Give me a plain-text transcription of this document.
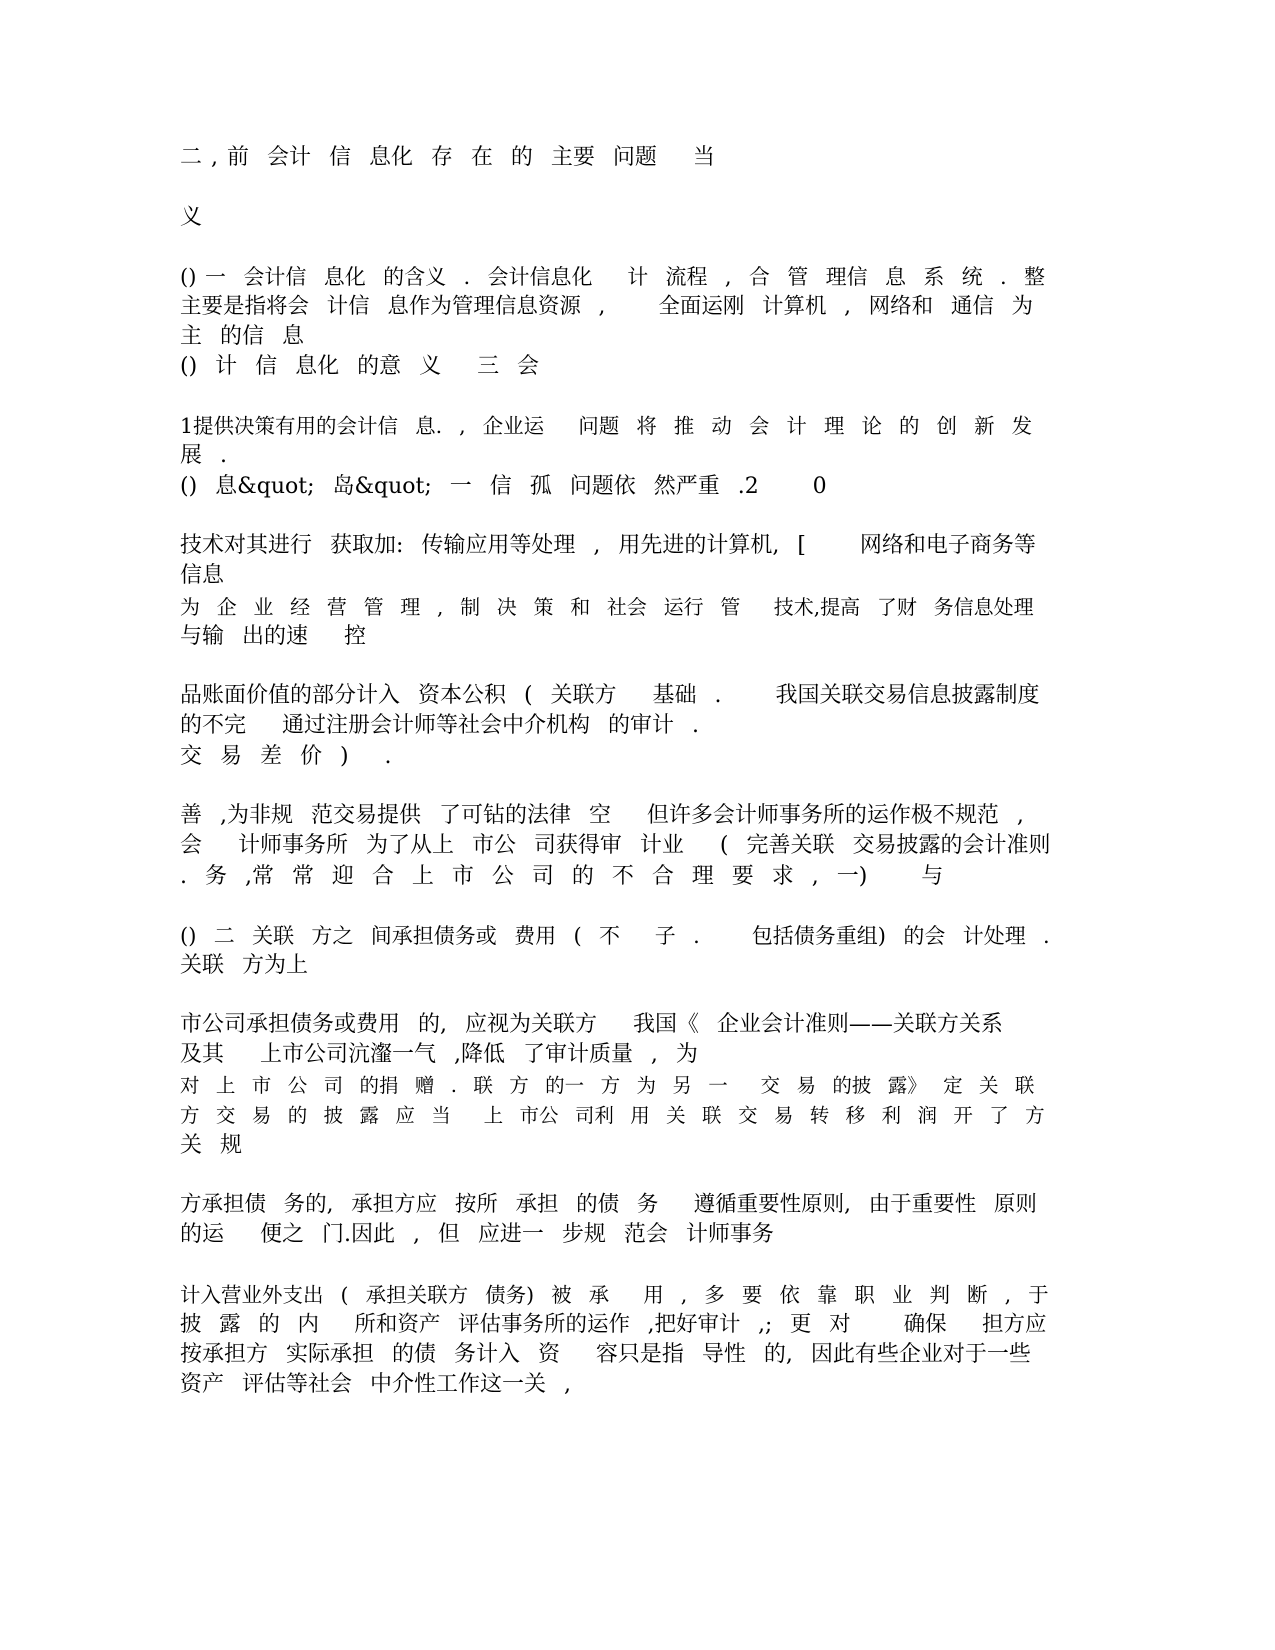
二 , 前  会计  信  息化  存  在  的  主要  问题    当
义
() 一  会计信  息化  的含义  .  会计信息化    计  流程  ,  合  管  理信  息  系  统  .  整
主要是指将会  计信  息作为管理信息资源  ,      全面运刚  计算机  ,  网络和  通信  为
主  的信  息
()  计  信  息化  的意  义    三  会
1提供决策有用的会计信  息.  ,  企业运    问题  将  推  动  会  计  理  论  的  创  新  发
展  .
()  息&quot;  岛&quot;  一  信  孤  问题依  然严重  .2      0
技术对其进行  获取加:  传输应用等处理  ,  用先进的计算机,  [      网络和电子商务等
信息
为  企  业  经  营  管  理  ,  制  决  策  和  社会  运行  管    技术,提高  了财  务信息处理
与输  出的速    控
品账面价值的部分计入  资本公积  (  关联方    基础  .      我国关联交易信息披露制度
的不完    通过注册会计师等社会中介机构  的审计  .
交  易  差  价  )    .
善  ,为非规  范交易提供  了可钻的法律  空    但许多会计师事务所的运作极不规范  ,
会    计师事务所  为了从上  市公  司获得审  计业    (  完善关联  交易披露的会计准则
.  务  ,常  常  迎  合  上  市  公  司  的  不  合  理  要  求  ,  一)      与
()  二  关联  方之  间承担债务或  费用  (  不    子  .      包括债务重组)  的会  计处理  .
关联  方为上
市公司承担债务或费用  的,  应视为关联方    我国《  企业会计准则——关联方关系
及其    上市公司沆瀣一气  ,降低  了审计质量  ,  为
对  上  市  公  司  的捐  赠  .  联  方  的一  方  为  另  一    交  易  的披  露》  定  关  联
方  交  易  的  披  露  应  当    上  市公  司利  用  关  联  交  易  转  移  利  润  开  了  方
关  规
方承担债  务的,  承担方应  按所  承担  的债  务    遵循重要性原则,  由于重要性  原则
的运    便之  门.因此  ,  但  应进一  步规  范会  计师事务
计入营业外支出  (  承担关联方  债务)  被  承    用  ,  多  要  依  靠  职  业  判  断  ,  于
披  露  的  内    所和资产  评估事务所的运作  ,把好审计  ,;  更  对      确保    担方应
按承担方  实际承担  的债  务计入  资    容只是指  导性  的,  因此有些企业对于一些
资产  评估等社会  中介性工作这一关  ,
